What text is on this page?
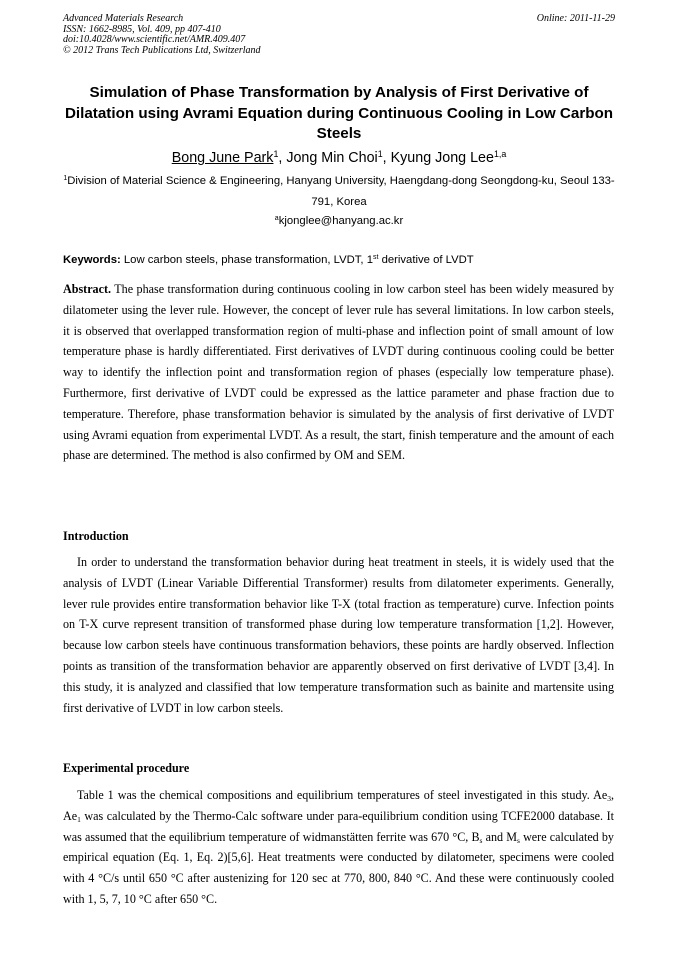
Advanced Materials Research
ISSN: 1662-8985, Vol. 409, pp 407-410
doi:10.4028/www.scientific.net/AMR.409.407
© 2012 Trans Tech Publications Ltd, Switzerland
Online: 2011-11-29
Simulation of Phase Transformation by Analysis of First Derivative of Dilatation using Avrami Equation during Continuous Cooling in Low Carbon Steels
Bong June Park$^1$, Jong Min Choi$^1$, Kyung Jong Lee$^{1,a}$
$^1$Division of Material Science & Engineering, Hanyang University, Haengdang-dong Seongdong-ku, Seoul 133-791, Korea
$^a$kjonglee@hanyang.ac.kr
Keywords: Low carbon steels, phase transformation, LVDT, 1st derivative of LVDT

Abstract. The phase transformation during continuous cooling in low carbon steel has been widely measured by dilatometer using the lever rule. However, the concept of lever rule has several limitations. In low carbon steels, it is observed that overlapped transformation region of multi-phase and inflection point of small amount of low temperature phase is hardly differentiated. First derivatives of LVDT during continuous cooling could be better way to identify the inflection point and transformation region of phases (especially low temperature phase). Furthermore, first derivative of LVDT could be expressed as the lattice parameter and phase fraction due to temperature. Therefore, phase transformation behavior is simulated by the analysis of first derivative of LVDT using Avrami equation from experimental LVDT. As a result, the start, finish temperature and the amount of each phase are determined. The method is also confirmed by OM and SEM.

Introduction

In order to understand the transformation behavior during heat treatment in steels, it is widely used that the analysis of LVDT (Linear Variable Differential Transformer) results from dilatometer experiments. Generally, lever rule provides entire transformation behavior like T-X (total fraction as temperature) curve. Infection points on T-X curve represent transition of transformed phase during low temperature transformation [1,2]. However, because low carbon steels have continuous transformation behaviors, these points are hardly observed. Inflection points as transition of the transformation behavior are apparently observed on first derivative of LVDT [3,4]. In this study, it is analyzed and classified that low temperature transformation such as bainite and martensite using first derivative of LVDT in low carbon steels.

Experimental procedure

Table 1 was the chemical compositions and equilibrium temperatures of steel investigated in this study. $Ae_3$, $Ae_1$ was calculated by the Thermo-Calc software under para-equilibrium condition using TCFE2000 database. It was assumed that the equilibrium temperature of widmanstätten ferrite was 670 °C, $B_s$ and $M_s$ were calculated by empirical equation (Eq. 1, Eq. 2)[5,6]. Heat treatments were conducted by dilatometer, specimens were cooled with 4 °C/s until 650 °C after austenizing for 120 sec at 770, 800, 840 °C. And these were continuously cooled with 1, 5, 7, 10 °C after 650 °C.
